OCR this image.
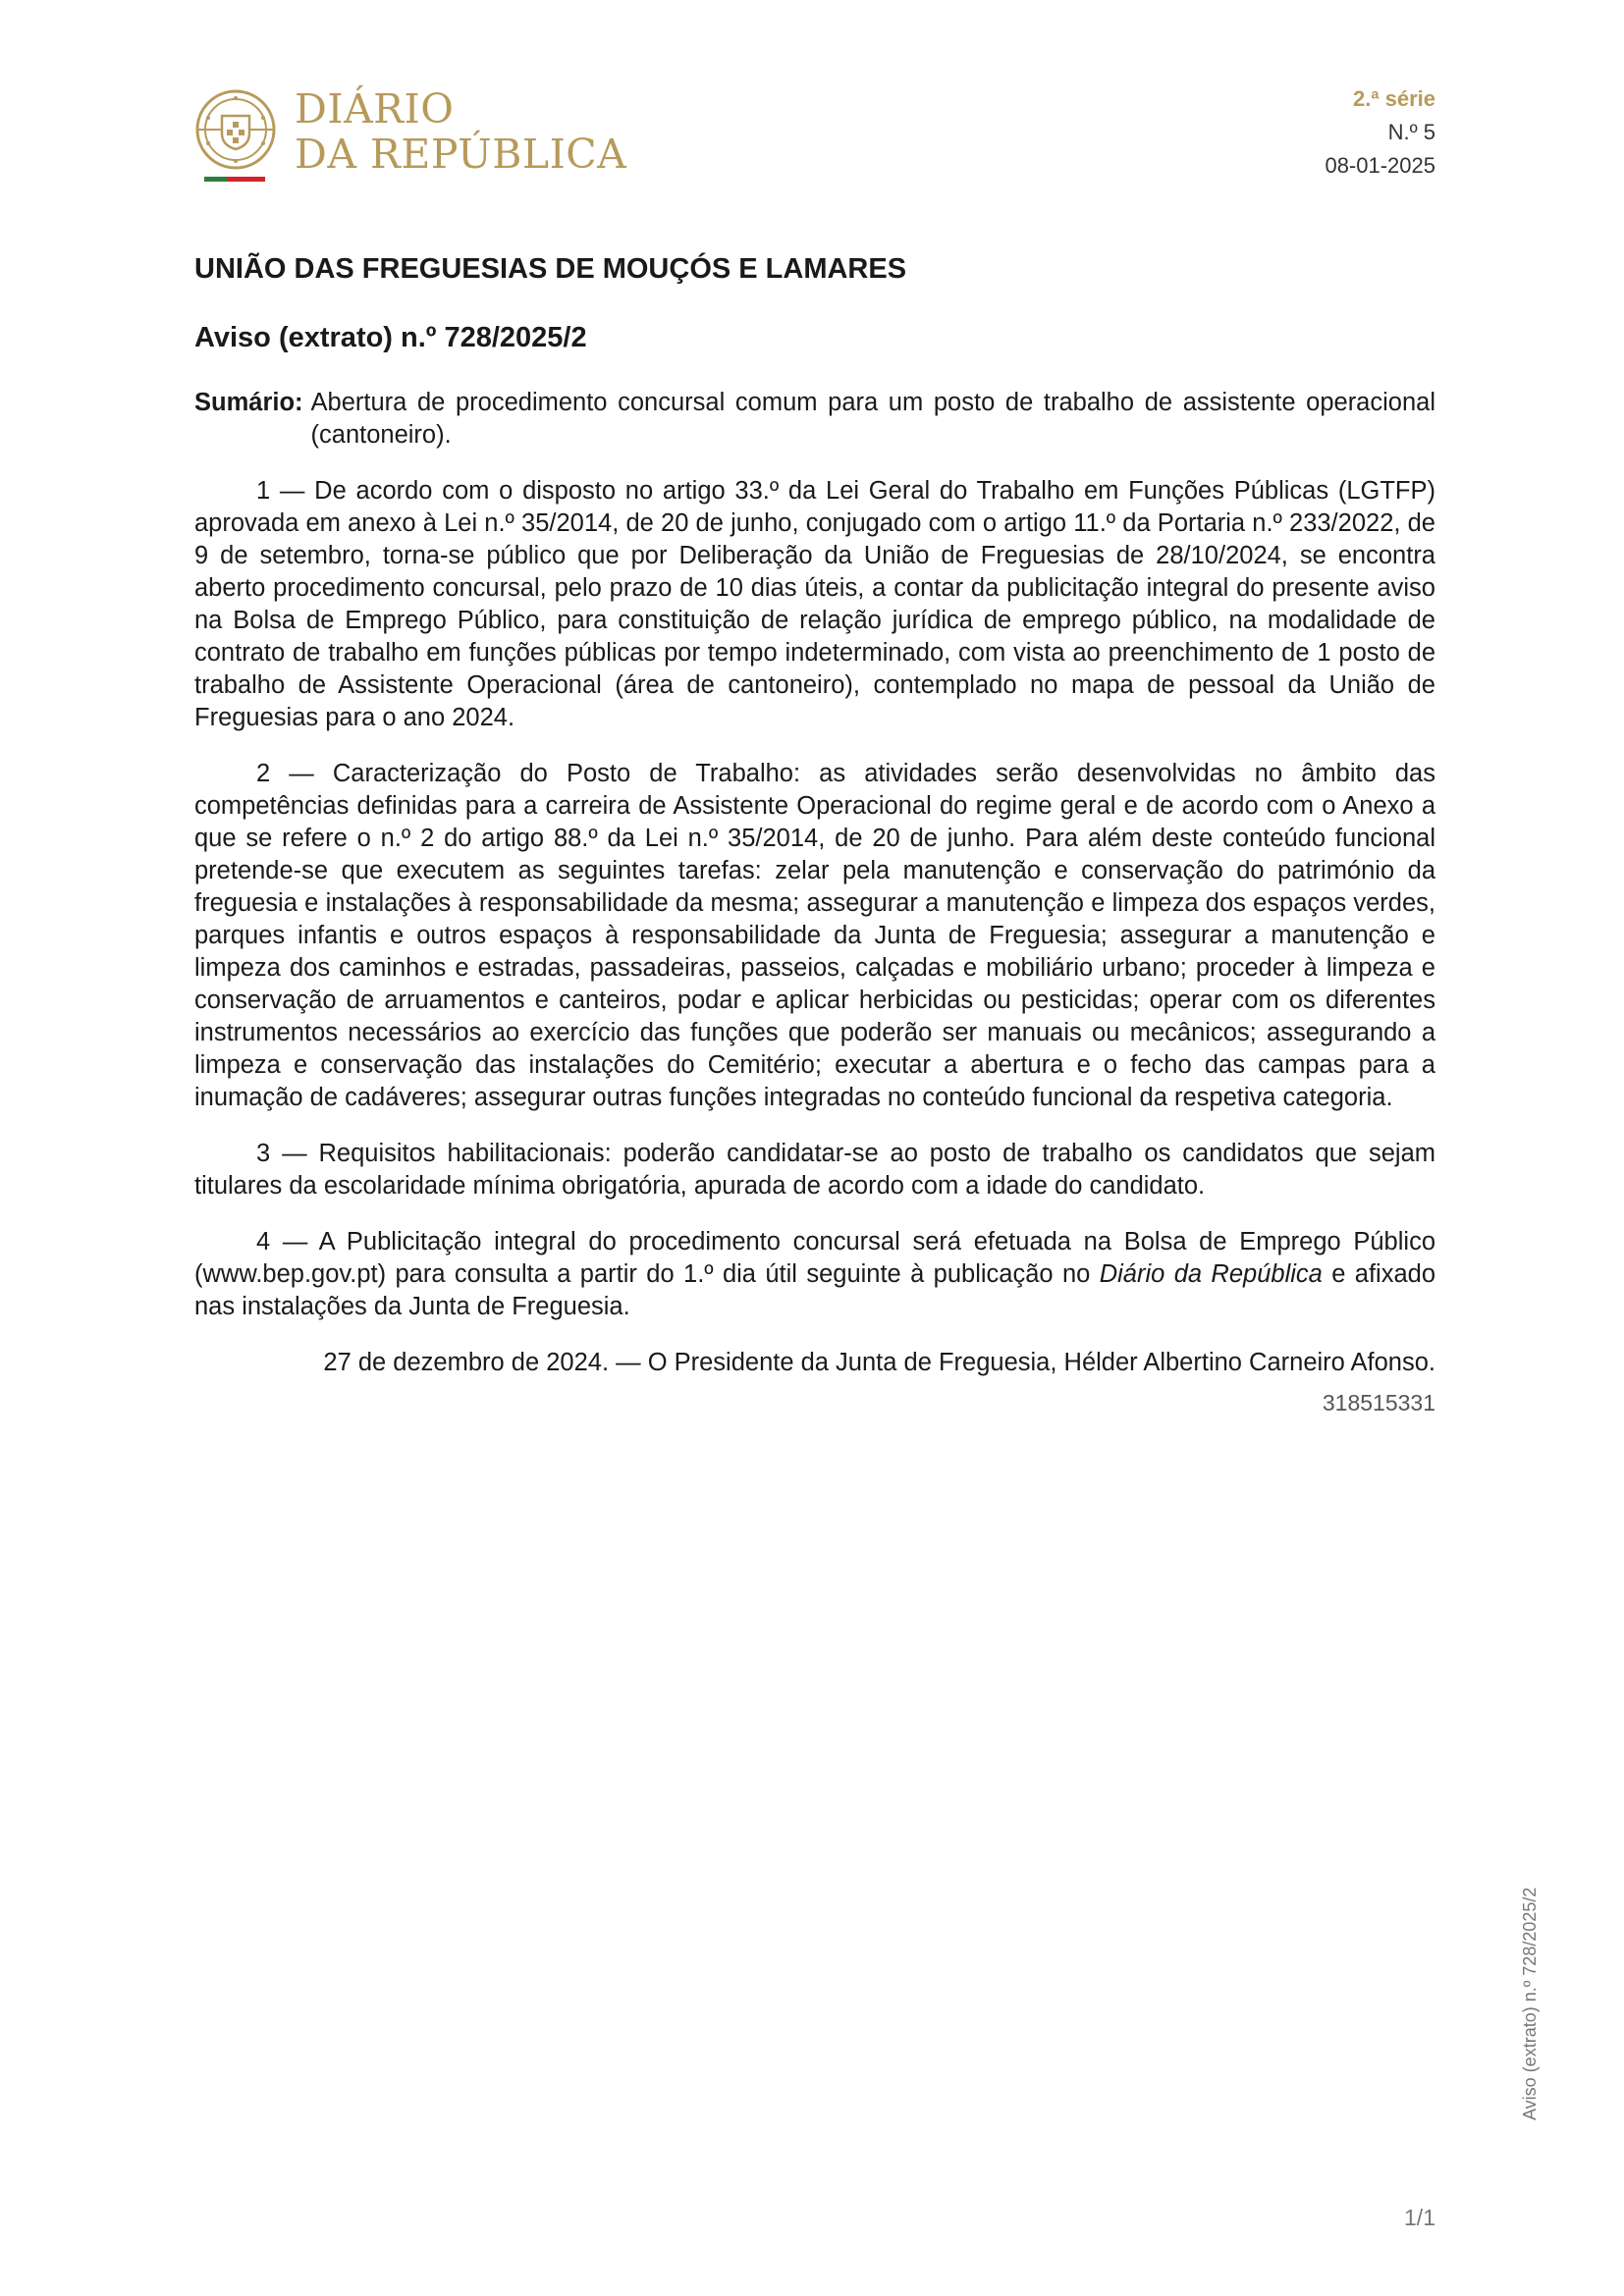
DIÁRIO
DA REPÚBLICA
2.ª série
N.º 5
08-01-2025
UNIÃO DAS FREGUESIAS DE MOUÇÓS E LAMARES
Aviso (extrato) n.º 728/2025/2
Sumário: Abertura de procedimento concursal comum para um posto de trabalho de assistente operacional (cantoneiro).

1 — De acordo com o disposto no artigo 33.º da Lei Geral do Trabalho em Funções Públicas (LGTFP) aprovada em anexo à Lei n.º 35/2014, de 20 de junho, conjugado com o artigo 11.º da Portaria n.º 233/2022, de 9 de setembro, torna-se público que por Deliberação da União de Freguesias de 28/10/2024, se encontra aberto procedimento concursal, pelo prazo de 10 dias úteis, a contar da publicitação integral do presente aviso na Bolsa de Emprego Público, para constituição de relação jurídica de emprego público, na modalidade de contrato de trabalho em funções públicas por tempo indeterminado, com vista ao preenchimento de 1 posto de trabalho de Assistente Operacional (área de cantoneiro), contemplado no mapa de pessoal da União de Freguesias para o ano 2024.

2 — Caracterização do Posto de Trabalho: as atividades serão desenvolvidas no âmbito das competências definidas para a carreira de Assistente Operacional do regime geral e de acordo com o Anexo a que se refere o n.º 2 do artigo 88.º da Lei n.º 35/2014, de 20 de junho. Para além deste conteúdo funcional pretende-se que executem as seguintes tarefas: zelar pela manutenção e conservação do património da freguesia e instalações à responsabilidade da mesma; assegurar a manutenção e limpeza dos espaços verdes, parques infantis e outros espaços à responsabilidade da Junta de Freguesia; assegurar a manutenção e limpeza dos caminhos e estradas, passadeiras, passeios, calçadas e mobiliário urbano; proceder à limpeza e conservação de arruamentos e canteiros, podar e aplicar herbicidas ou pesticidas; operar com os diferentes instrumentos necessários ao exercício das funções que poderão ser manuais ou mecânicos; assegurando a limpeza e conservação das instalações do Cemitério; executar a abertura e o fecho das campas para a inumação de cadáveres; assegurar outras funções integradas no conteúdo funcional da respetiva categoria.

3 — Requisitos habilitacionais: poderão candidatar-se ao posto de trabalho os candidatos que sejam titulares da escolaridade mínima obrigatória, apurada de acordo com a idade do candidato.

4 — A Publicitação integral do procedimento concursal será efetuada na Bolsa de Emprego Público (www.bep.gov.pt) para consulta a partir do 1.º dia útil seguinte à publicação no Diário da República e afixado nas instalações da Junta de Freguesia.

27 de dezembro de 2024. — O Presidente da Junta de Freguesia, Hélder Albertino Carneiro Afonso.
318515331
Aviso (extrato) n.º 728/2025/2
1/1
